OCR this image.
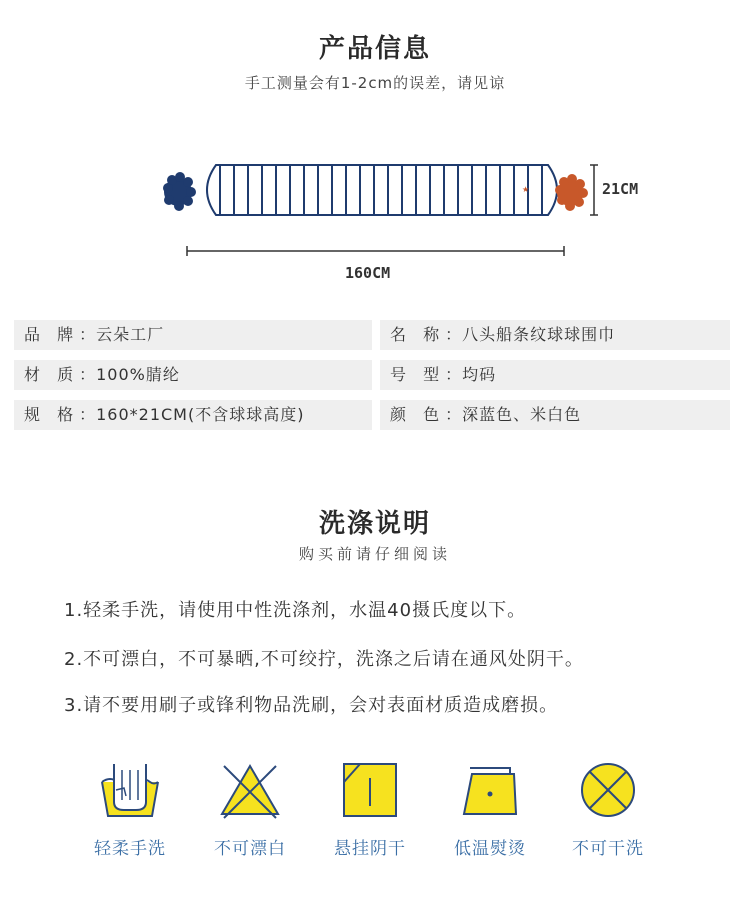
产品信息
手工测量会有1-2cm的误差，请见谅
★	21CM
160CM
品 牌：云朵工厂	名 称：八头船条纹球球围巾
材 质：100%腈纶	号 型：均码
规 格：160*21CM(不含球球高度)	颜 色：深蓝色、米白色
洗涤说明
购买前请仔细阅读
1.轻柔手洗，请使用中性洗涤剂，水温40摄氏度以下。
2.不可漂白，不可暴晒,不可绞拧，洗涤之后请在通风处阴干。
3.请不要用刷子或锋利物品洗刷，会对表面材质造成磨损。
轻柔手洗	不可漂白	悬挂阴干	低温熨烫	不可干洗
